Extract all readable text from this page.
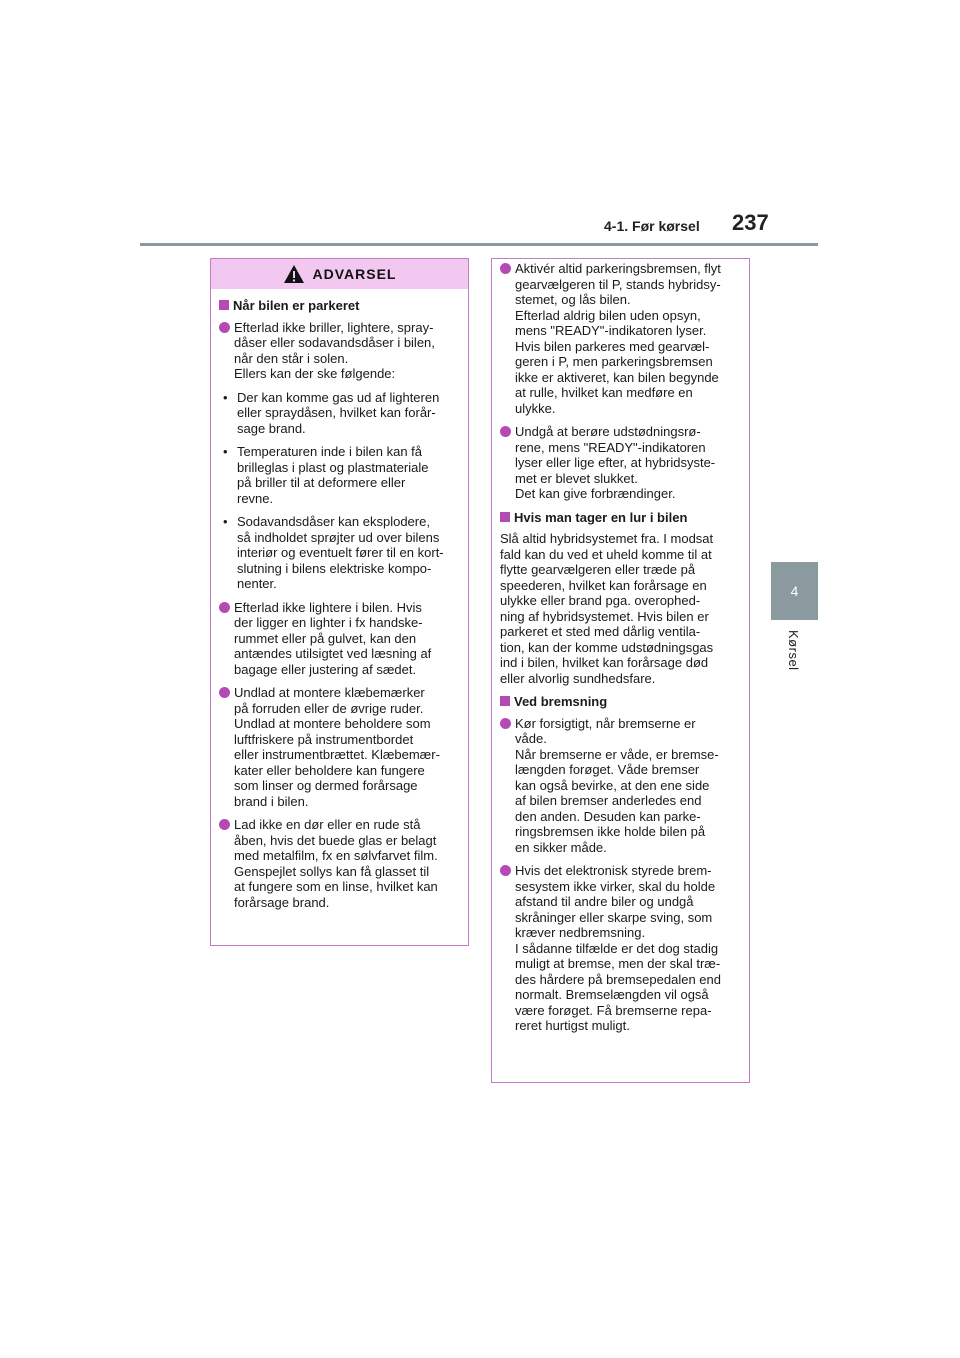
4-1. Før kørsel 237
4
Kørsel
ADVARSEL
Når bilen er parkeret
Efterlad ikke briller, lightere, spray-
dåser eller sodavandsdåser i bilen,
når den står i solen.
Ellers kan der ske følgende:
• Der kan komme gas ud af lighteren
eller spraydåsen, hvilket kan forår-
sage brand.
• Temperaturen inde i bilen kan få
brilleglas i plast og plastmateriale
på briller til at deformere eller
revne.
• Sodavandsdåser kan eksplodere,
så indholdet sprøjter ud over bilens
interiør og eventuelt fører til en kort-
slutning i bilens elektriske kompo-
nenter.
Efterlad ikke lightere i bilen. Hvis
der ligger en lighter i fx handske-
rummet eller på gulvet, kan den
antændes utilsigtet ved læsning af
bagage eller justering af sædet.
Undlad at montere klæbemærker
på forruden eller de øvrige ruder.
Undlad at montere beholdere som
luftfriskere på instrumentbordet
eller instrumentbrættet. Klæbemær-
kater eller beholdere kan fungere
som linser og dermed forårsage
brand i bilen.
Lad ikke en dør eller en rude stå
åben, hvis det buede glas er belagt
med metalfilm, fx en sølvfarvet film.
Genspejlet sollys kan få glasset til
at fungere som en linse, hvilket kan
forårsage brand.
Aktivér altid parkeringsbremsen, flyt
gearvælgeren til P, stands hybridsy-
stemet, og lås bilen.
Efterlad aldrig bilen uden opsyn,
mens "READY"-indikatoren lyser.
Hvis bilen parkeres med gearvæl-
geren i P, men parkeringsbremsen
ikke er aktiveret, kan bilen begynde
at rulle, hvilket kan medføre en
ulykke.
Undgå at berøre udstødningsrø-
rene, mens "READY"-indikatoren
lyser eller lige efter, at hybridsyste-
met er blevet slukket.
Det kan give forbrændinger.
Hvis man tager en lur i bilen
Slå altid hybridsystemet fra. I modsat
fald kan du ved et uheld komme til at
flytte gearvælgeren eller træde på
speederen, hvilket kan forårsage en
ulykke eller brand pga. overophed-
ning af hybridsystemet. Hvis bilen er
parkeret et sted med dårlig ventila-
tion, kan der komme udstødningsgas
ind i bilen, hvilket kan forårsage død
eller alvorlig sundhedsfare.
Ved bremsning
Kør forsigtigt, når bremserne er
våde.
Når bremserne er våde, er bremse-
længden forøget. Våde bremser
kan også bevirke, at den ene side
af bilen bremser anderledes end
den anden. Desuden kan parke-
ringsbremsen ikke holde bilen på
en sikker måde.
Hvis det elektronisk styrede brem-
sesystem ikke virker, skal du holde
afstand til andre biler og undgå
skråninger eller skarpe sving, som
kræver nedbremsning.
I sådanne tilfælde er det dog stadig
muligt at bremse, men der skal træ-
des hårdere på bremsepedalen end
normalt. Bremselængden vil også
være forøget. Få bremserne repa-
reret hurtigst muligt.
